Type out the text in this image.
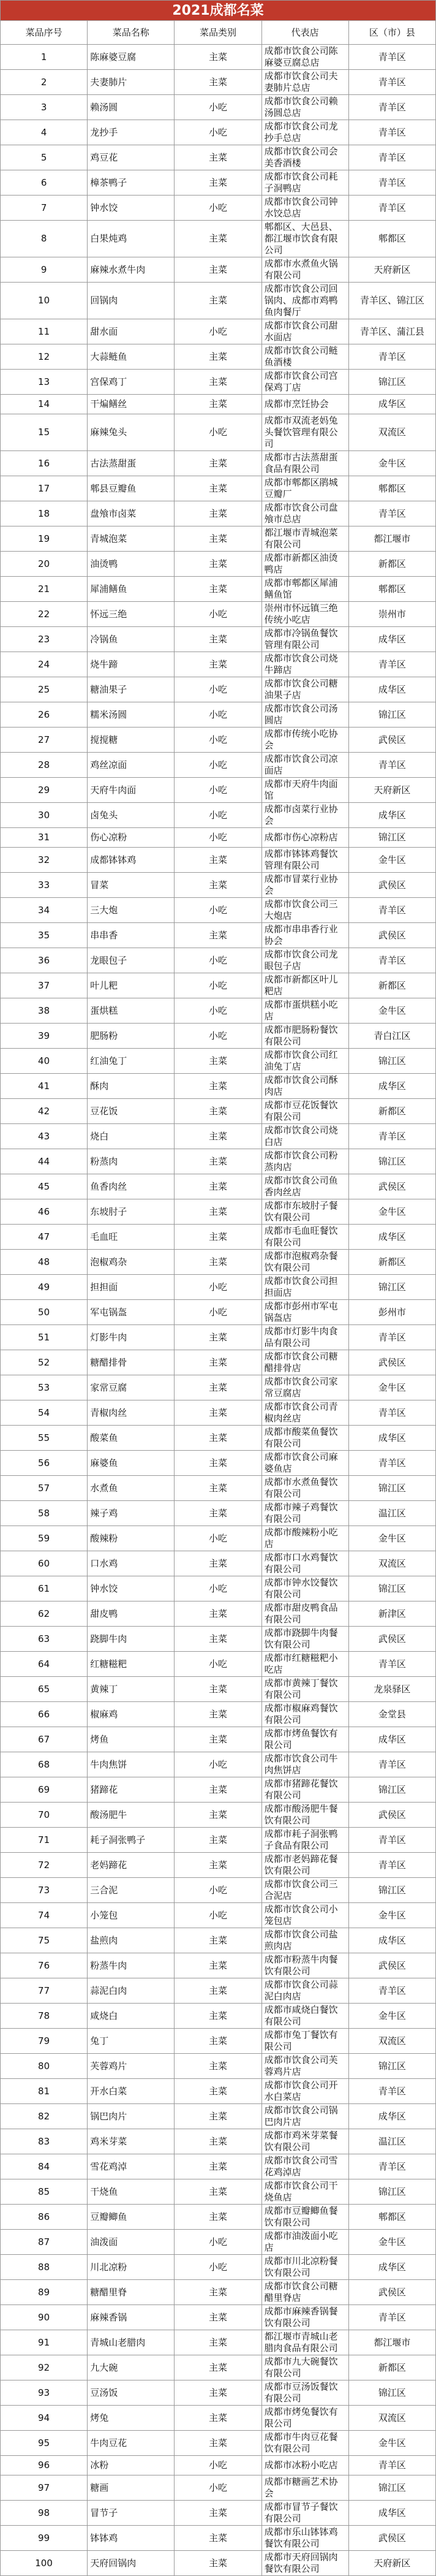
2021成都名菜				
菜品序号	菜品名称	菜品类别	代表店	区（市）县
1	陈麻婆豆腐	主菜	成都市饮食公司陈麻婆豆腐总店	青羊区
2	夫妻肺片	主菜	成都市饮食公司夫妻肺片总店	青羊区
3	赖汤圆	小吃	成都市饮食公司赖汤圆总店	青羊区
4	龙抄手	小吃	成都市饮食公司龙抄手总店	青羊区
5	鸡豆花	主菜	成都市饮食公司会美香酒楼	青羊区
6	樟茶鸭子	主菜	成都市饮食公司耗子洞鸭店	青羊区
7	钟水饺	小吃	成都市饮食公司钟水饺总店	青羊区
8	白果炖鸡	主菜	郫都区、大邑县、都江堰市饮食有限公司	郫都区
9	麻辣水煮牛肉	主菜	成都市水煮鱼火锅有限公司	天府新区
10	回锅肉	主菜	成都市饮食公司回锅肉、成都市鸡鸭鱼肉餐厅	青羊区、锦江区
11	甜水面	小吃	成都市饮食公司甜水面店	青羊区、蒲江县
12	大蒜鲢鱼	主菜	成都市饮食公司鲢鱼酒楼	青羊区
13	宫保鸡丁	主菜	成都市饮食公司宫保鸡丁店	锦江区
14	干煸鳝丝	主菜	成都市烹饪协会	成华区
15	麻辣兔头	小吃	成都市双流老妈兔头餐饮管理有限公司	双流区
16	古法蒸甜蛋	主菜	成都市古法蒸甜蛋食品有限公司	金牛区
17	郫县豆瓣鱼	主菜	成都市郫都区鹃城豆瓣厂	郫都区
18	盘飧市卤菜	主菜	成都市饮食公司盘飧市总店	青羊区
19	青城泡菜	主菜	都江堰市青城泡菜有限公司	都江堰市
20	油烫鸭	主菜	成都市新都区油烫鸭店	新都区
21	犀浦鳝鱼	主菜	成都市郫都区犀浦鳝鱼馆	郫都区
22	怀远三绝	小吃	崇州市怀远镇三绝传统小吃店	崇州市
23	冷锅鱼	主菜	成都市冷锅鱼餐饮管理有限公司	成华区
24	烧牛蹄	主菜	成都市饮食公司烧牛蹄店	青羊区
25	糖油果子	小吃	成都市饮食公司糖油果子店	成华区
26	糯米汤圆	小吃	成都市饮食公司汤圆店	锦江区
27	搅搅糖	小吃	成都市传统小吃协会	武侯区
28	鸡丝凉面	小吃	成都市饮食公司凉面店	青羊区
29	天府牛肉面	小吃	成都市天府牛肉面馆	天府新区
30	卤兔头	小吃	成都市卤菜行业协会	成华区
31	伤心凉粉	小吃	成都市伤心凉粉店	锦江区
32	成都钵钵鸡	主菜	成都市钵钵鸡餐饮管理有限公司	金牛区
33	冒菜	主菜	成都市冒菜行业协会	武侯区
34	三大炮	小吃	成都市饮食公司三大炮店	青羊区
35	串串香	主菜	成都市串串香行业协会	武侯区
36	龙眼包子	小吃	成都市饮食公司龙眼包子店	青羊区
37	叶儿粑	小吃	成都市新都区叶儿粑店	新都区
38	蛋烘糕	小吃	成都市蛋烘糕小吃店	金牛区
39	肥肠粉	小吃	成都市肥肠粉餐饮有限公司	青白江区
40	红油兔丁	主菜	成都市饮食公司红油兔丁店	锦江区
41	酥肉	主菜	成都市饮食公司酥肉店	成华区
42	豆花饭	主菜	成都市豆花饭餐饮有限公司	新都区
43	烧白	主菜	成都市饮食公司烧白店	青羊区
44	粉蒸肉	主菜	成都市饮食公司粉蒸肉店	锦江区
45	鱼香肉丝	主菜	成都市饮食公司鱼香肉丝店	武侯区
46	东坡肘子	主菜	成都市东坡肘子餐饮有限公司	金牛区
47	毛血旺	主菜	成都市毛血旺餐饮有限公司	成华区
48	泡椒鸡杂	主菜	成都市泡椒鸡杂餐饮有限公司	新都区
49	担担面	小吃	成都市饮食公司担担面店	锦江区
50	军屯锅盔	小吃	成都市彭州市军屯锅盔店	彭州市
51	灯影牛肉	主菜	成都市灯影牛肉食品有限公司	青羊区
52	糖醋排骨	主菜	成都市饮食公司糖醋排骨店	武侯区
53	家常豆腐	主菜	成都市饮食公司家常豆腐店	金牛区
54	青椒肉丝	主菜	成都市饮食公司青椒肉丝店	青羊区
55	酸菜鱼	主菜	成都市酸菜鱼餐饮有限公司	成华区
56	麻婆鱼	主菜	成都市饮食公司麻婆鱼店	青羊区
57	水煮鱼	主菜	成都市水煮鱼餐饮有限公司	锦江区
58	辣子鸡	主菜	成都市辣子鸡餐饮有限公司	温江区
59	酸辣粉	小吃	成都市酸辣粉小吃店	金牛区
60	口水鸡	主菜	成都市口水鸡餐饮有限公司	双流区
61	钟水饺	小吃	成都市钟水饺餐饮有限公司	锦江区
62	甜皮鸭	主菜	成都市甜皮鸭食品有限公司	新津区
63	跷脚牛肉	主菜	成都市跷脚牛肉餐饮有限公司	武侯区
64	红糖糍粑	小吃	成都市红糖糍粑小吃店	青羊区
65	黄辣丁	主菜	成都市黄辣丁餐饮有限公司	龙泉驿区
66	椒麻鸡	主菜	成都市椒麻鸡餐饮有限公司	金堂县
67	烤鱼	主菜	成都市烤鱼餐饮有限公司	成华区
68	牛肉焦饼	小吃	成都市饮食公司牛肉焦饼店	青羊区
69	猪蹄花	主菜	成都市猪蹄花餐饮有限公司	锦江区
70	酸汤肥牛	主菜	成都市酸汤肥牛餐饮有限公司	武侯区
71	耗子洞张鸭子	主菜	成都市耗子洞张鸭子食品有限公司	青羊区
72	老妈蹄花	主菜	成都市老妈蹄花餐饮有限公司	青羊区
73	三合泥	小吃	成都市饮食公司三合泥店	锦江区
74	小笼包	小吃	成都市饮食公司小笼包店	金牛区
75	盐煎肉	主菜	成都市饮食公司盐煎肉店	成华区
76	粉蒸牛肉	主菜	成都市粉蒸牛肉餐饮有限公司	武侯区
77	蒜泥白肉	主菜	成都市饮食公司蒜泥白肉店	青羊区
78	咸烧白	主菜	成都市咸烧白餐饮有限公司	金牛区
79	兔丁	主菜	成都市兔丁餐饮有限公司	双流区
80	芙蓉鸡片	主菜	成都市饮食公司芙蓉鸡片店	锦江区
81	开水白菜	主菜	成都市饮食公司开水白菜店	青羊区
82	锅巴肉片	主菜	成都市饮食公司锅巴肉片店	成华区
83	鸡米芽菜	主菜	成都市鸡米芽菜餐饮有限公司	温江区
84	雪花鸡淖	主菜	成都市饮食公司雪花鸡淖店	青羊区
85	干烧鱼	主菜	成都市饮食公司干烧鱼店	锦江区
86	豆瓣鲫鱼	主菜	成都市豆瓣鲫鱼餐饮有限公司	郫都区
87	油泼面	小吃	成都市油泼面小吃店	金牛区
88	川北凉粉	小吃	成都市川北凉粉餐饮有限公司	成华区
89	糖醋里脊	主菜	成都市饮食公司糖醋里脊店	武侯区
90	麻辣香锅	主菜	成都市麻辣香锅餐饮有限公司	青羊区
91	青城山老腊肉	主菜	都江堰市青城山老腊肉食品有限公司	都江堰市
92	九大碗	主菜	成都市九大碗餐饮有限公司	新都区
93	豆汤饭	主菜	成都市豆汤饭餐饮有限公司	锦江区
94	烤兔	主菜	成都市烤兔餐饮有限公司	双流区
95	牛肉豆花	主菜	成都市牛肉豆花餐饮有限公司	金牛区
96	冰粉	小吃	成都市冰粉小吃店	青羊区
97	糖画	小吃	成都市糖画艺术协会	锦江区
98	冒节子	主菜	成都市冒节子餐饮有限公司	成华区
99	钵钵鸡	主菜	成都市乐山钵钵鸡餐饮有限公司	武侯区
100	天府回锅肉	主菜	成都市天府回锅肉餐饮有限公司	天府新区
